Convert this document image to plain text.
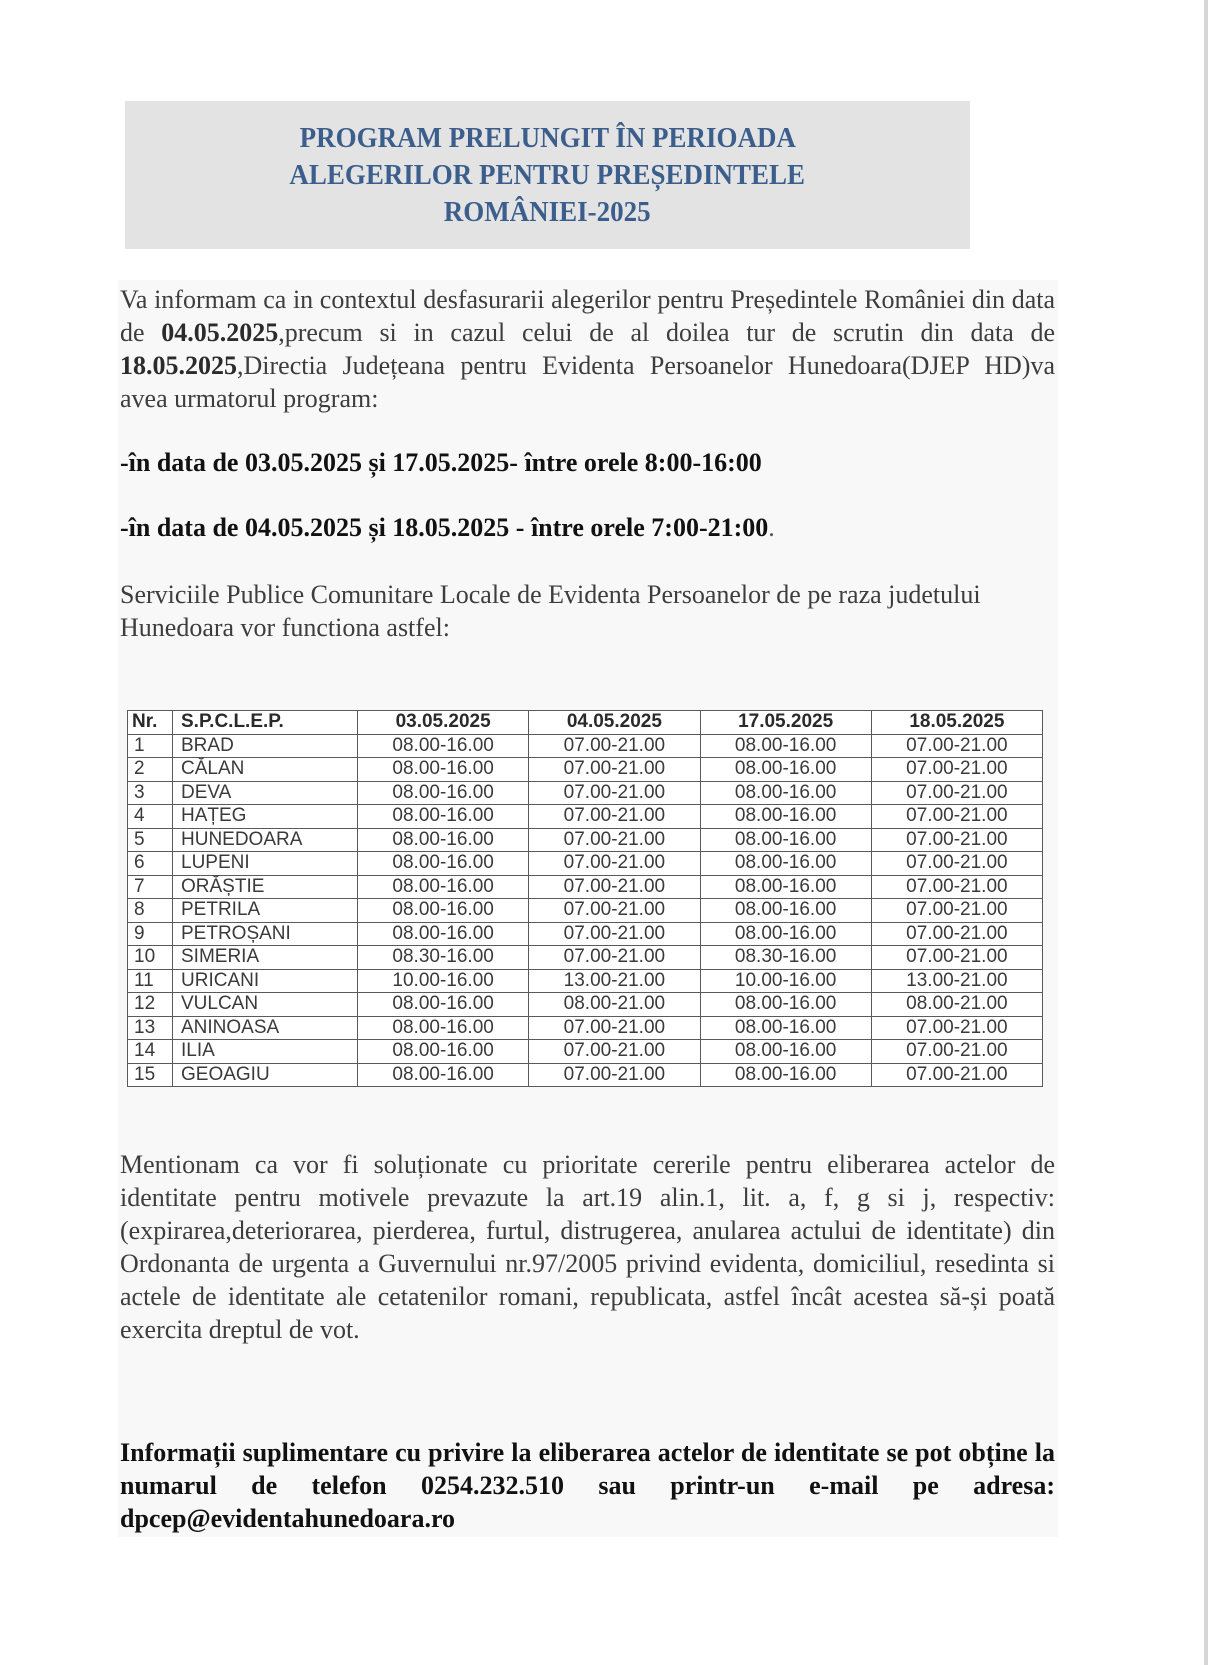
PROGRAM PRELUNGIT ÎN PERIOADA
ALEGERILOR PENTRU PREȘEDINTELE
ROMÂNIEI-2025
Va informam ca in contextul desfasurarii alegerilor pentru Președintele României din data de 04.05.2025,precum si in cazul celui de al doilea tur de scrutin din data de 18.05.2025,Directia Județeana pentru Evidenta Persoanelor Hunedoara(DJEP HD)va avea urmatorul program:
-în data de 03.05.2025 și 17.05.2025- între orele 8:00-16:00
-în data de 04.05.2025 și 18.05.2025 - între orele 7:00-21:00.
Serviciile Publice Comunitare Locale de Evidenta Persoanelor de pe raza judetului Hunedoara vor functiona astfel:
Nr.	S.P.C.L.E.P.	03.05.2025	04.05.2025	17.05.2025	18.05.2025
1	BRAD	08.00-16.00	07.00-21.00	08.00-16.00	07.00-21.00
2	CĂLAN	08.00-16.00	07.00-21.00	08.00-16.00	07.00-21.00
3	DEVA	08.00-16.00	07.00-21.00	08.00-16.00	07.00-21.00
4	HAȚEG	08.00-16.00	07.00-21.00	08.00-16.00	07.00-21.00
5	HUNEDOARA	08.00-16.00	07.00-21.00	08.00-16.00	07.00-21.00
6	LUPENI	08.00-16.00	07.00-21.00	08.00-16.00	07.00-21.00
7	ORĂȘTIE	08.00-16.00	07.00-21.00	08.00-16.00	07.00-21.00
8	PETRILA	08.00-16.00	07.00-21.00	08.00-16.00	07.00-21.00
9	PETROȘANI	08.00-16.00	07.00-21.00	08.00-16.00	07.00-21.00
10	SIMERIA	08.30-16.00	07.00-21.00	08.30-16.00	07.00-21.00
11	URICANI	10.00-16.00	13.00-21.00	10.00-16.00	13.00-21.00
12	VULCAN	08.00-16.00	08.00-21.00	08.00-16.00	08.00-21.00
13	ANINOASA	08.00-16.00	07.00-21.00	08.00-16.00	07.00-21.00
14	ILIA	08.00-16.00	07.00-21.00	08.00-16.00	07.00-21.00
15	GEOAGIU	08.00-16.00	07.00-21.00	08.00-16.00	07.00-21.00
Mentionam ca vor fi soluționate cu prioritate cererile pentru eliberarea actelor de identitate pentru motivele prevazute la art.19 alin.1, lit. a, f, g si j, respectiv:(expirarea,deteriorarea, pierderea, furtul, distrugerea, anularea actului de identitate) din Ordonanta de urgenta a Guvernului nr.97/2005 privind evidenta, domiciliul, resedinta si actele de identitate ale cetatenilor romani, republicata, astfel încât acestea să-și poată exercita dreptul de vot.
Informații suplimentare cu privire la eliberarea actelor de identitate se pot obține la numarul de telefon 0254.232.510 sau printr-un e-mail pe adresa: dpcep@evidentahunedoara.ro
